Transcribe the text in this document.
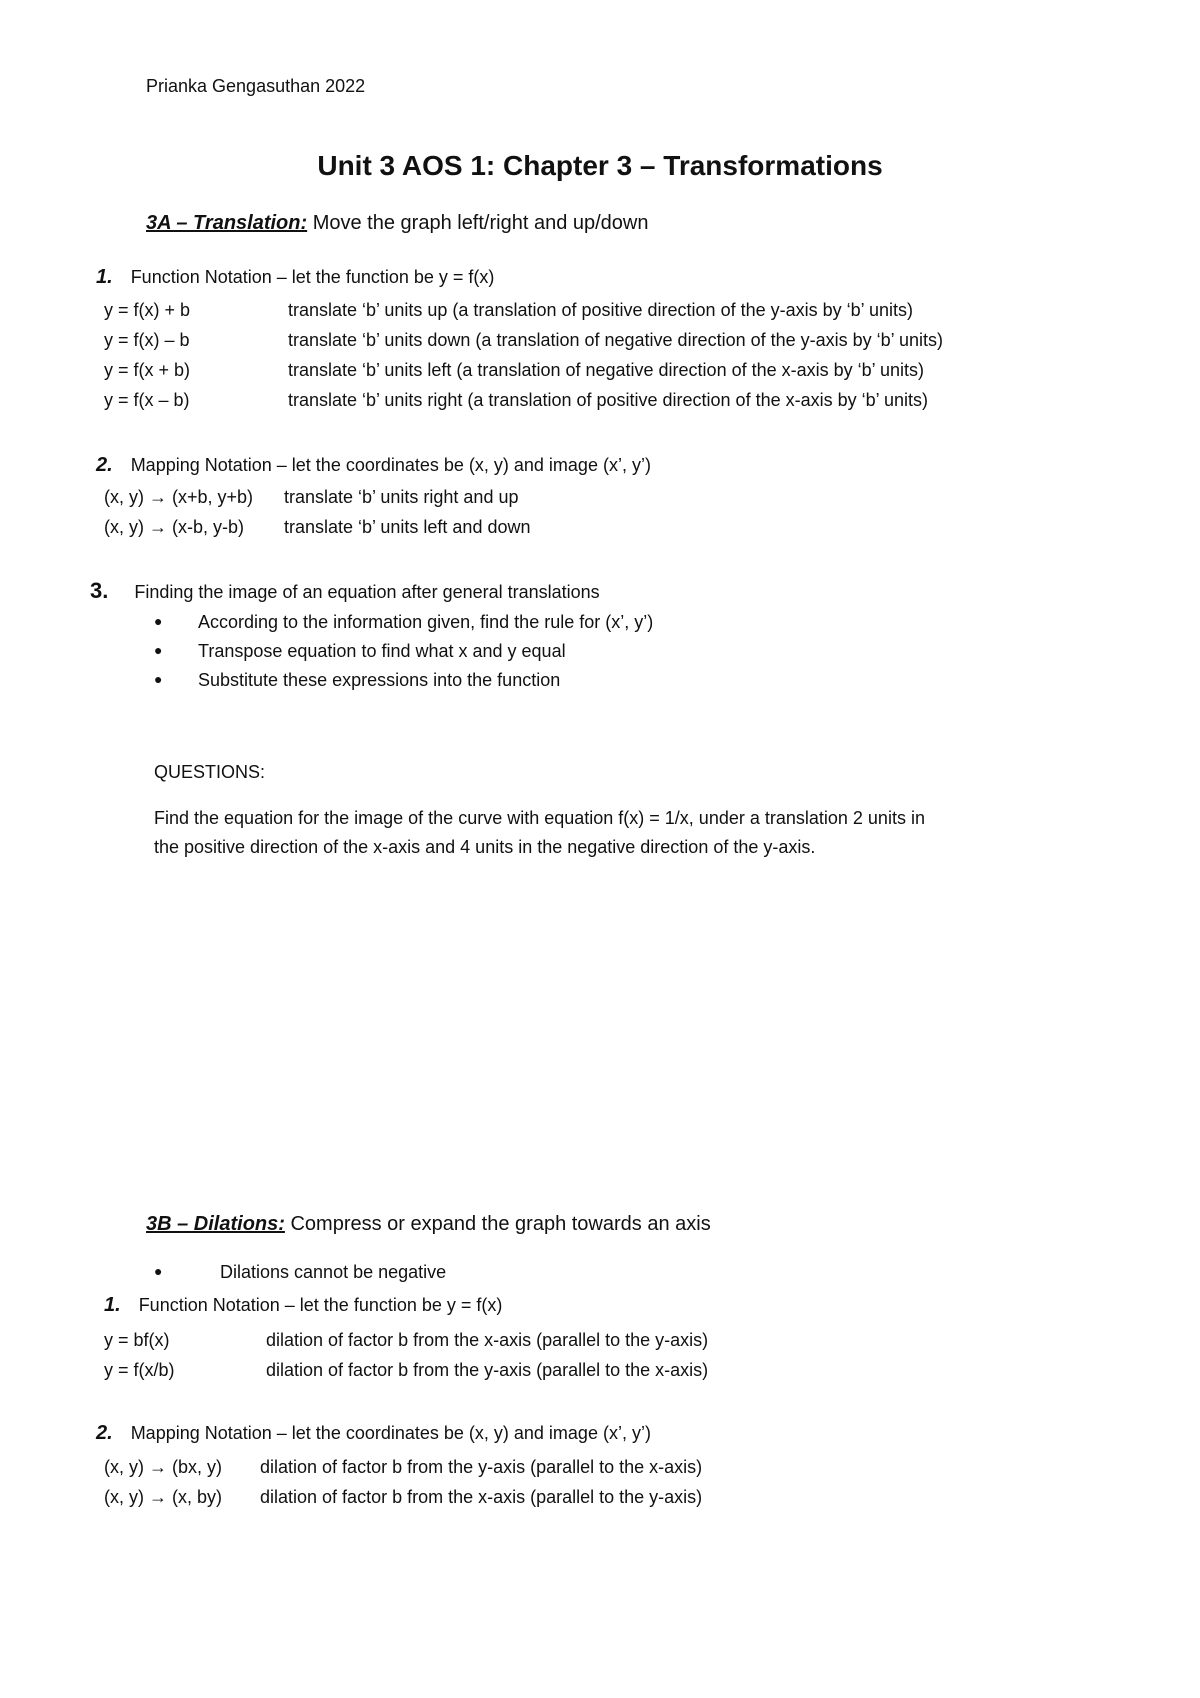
Prianka Gengasuthan 2022
Unit 3 AOS 1: Chapter 3 – Transformations
3A – Translation: Move the graph left/right and up/down
1. Function Notation – let the function be y = f(x)
y = f(x) + b	translate ‘b’ units up (a translation of positive direction of the y-axis by ‘b’ units)
y = f(x) – b	translate ‘b’ units down (a translation of negative direction of the y-axis by ‘b’ units)
y = f(x + b)	translate ‘b’ units left (a translation of negative direction of the x-axis by ‘b’ units)
y = f(x – b)	translate ‘b’ units right (a translation of positive direction of the x-axis by ‘b’ units)
2. Mapping Notation – let the coordinates be (x, y) and image (x’, y’)
(x, y) → (x+b, y+b) translate ‘b’ units right and up
(x, y) → (x-b, y-b) translate ‘b’ units left and down
3. Finding the image of an equation after general translations
● According to the information given, find the rule for (x’, y’)
● Transpose equation to find what x and y equal
● Substitute these expressions into the function
QUESTIONS:
Find the equation for the image of the curve with equation f(x) = 1/x, under a translation 2 units in
the positive direction of the x-axis and 4 units in the negative direction of the y-axis.
3B – Dilations: Compress or expand the graph towards an axis
●	Dilations cannot be negative
1. Function Notation – let the function be y = f(x)
y = bf(x)	dilation of factor b from the x-axis (parallel to the y-axis)
y = f(x/b)	dilation of factor b from the y-axis (parallel to the x-axis)
2. Mapping Notation – let the coordinates be (x, y) and image (x’, y’)
(x, y) → (bx, y) dilation of factor b from the y-axis (parallel to the x-axis)
(x, y) → (x, by) dilation of factor b from the x-axis (parallel to the y-axis)
